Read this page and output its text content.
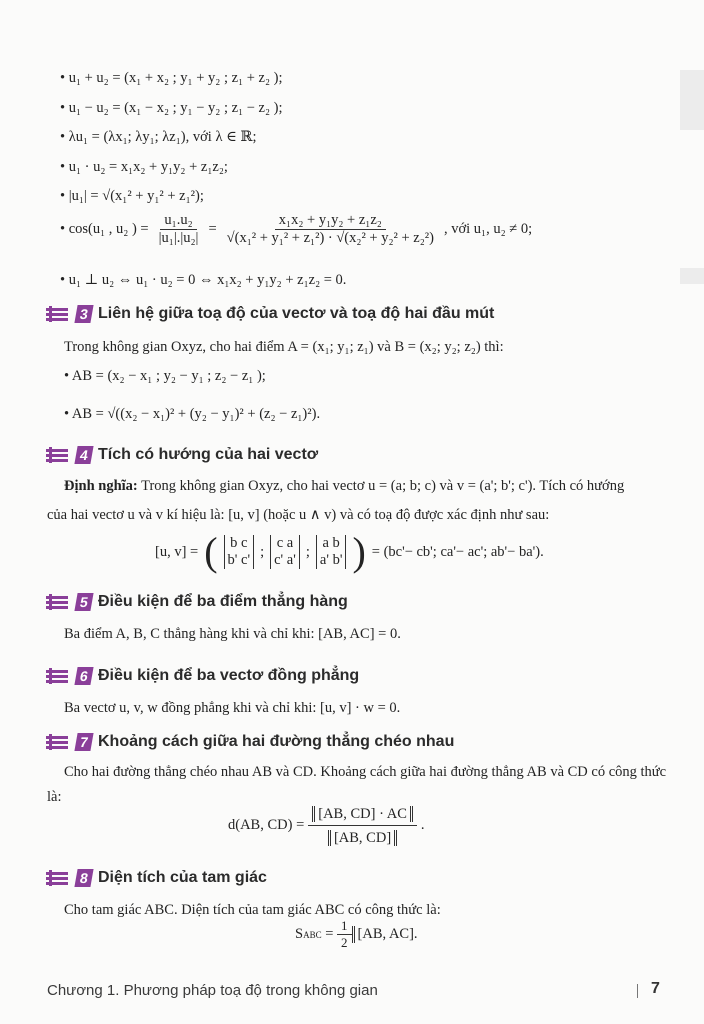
• u₁ + u₂ = (x₁ + x₂ ; y₁ + y₂ ; z₁ + z₂ );
• u₁ − u₂ = (x₁ − x₂ ; y₁ − y₂ ; z₁ − z₂ );
• λu₁ = (λx₁; λy₁; λz₁), với λ ∈ ℝ;
• u₁ · u₂ = x₁x₂ + y₁y₂ + z₁z₂;
• |u₁| = √(x₁² + y₁² + z₁²);
• cos(u₁ , u₂ ) = $\frac{\text{u₁.u₂}}{\text{|u₁|.|u₂|}} = \frac{\text{x₁x₂ + y₁y₂ + z₁z₂}}{\text{√(x₁² + y₁² + z₁²) · √(x₂² + y₂² + z₂²)}}$ , với u₁, u₂ ≠ 0;
• u₁ ⊥ u₂ ⇔ u₁ · u₂ = 0 ⇔ x₁x₂ + y₁y₂ + z₁z₂ = 0.
3 Liên hệ giữa toạ độ của vectơ và toạ độ hai đầu mút
Trong không gian Oxyz, cho hai điểm A = (x₁; y₁; z₁) và B = (x₂; y₂; z₂) thì:
• AB = (x₂ − x₁ ; y₂ − y₁ ; z₂ − z₁ );
• AB = √((x₂ − x₁)² + (y₂ − y₁)² + (z₂ − z₁)²).
4 Tích có hướng của hai vectơ
Định nghĩa: Trong không gian Oxyz, cho hai vectơ u = (a; b; c) và v = (a'; b'; c'). Tích có hướng
của hai vectơ u và v kí hiệu là: [u, v] (hoặc u ∧ v) và có toạ độ được xác định như sau:
[u, v] = ( b c
b' c'
;
c a
c' a'
;
a b
a' b' ) = (bc'− cb'; ca'− ac'; ab'− ba').
5 Điều kiện để ba điểm thẳng hàng
Ba điểm A, B, C thẳng hàng khi và chỉ khi: [AB, AC] = 0.
6 Điều kiện để ba vectơ đồng phẳng
Ba vectơ u, v, w đồng phẳng khi và chỉ khi: [u, v] · w = 0.
7 Khoảng cách giữa hai đường thẳng chéo nhau
Cho hai đường thẳng chéo nhau AB và CD. Khoảng cách giữa hai đường thẳng AB và CD có công thức là:
d(AB, $CD) = \frac{[AB, CD] \cdot AC}{[AB, CD]}$ .
8 Diện tích của tam giác
Cho tam giác ABC. Diện tích của tam giác ABC có công thức là:
S ABC = $\frac{1}{2} [AB$, AC].
Chương 1. Phương pháp toạ độ trong không gian	7
